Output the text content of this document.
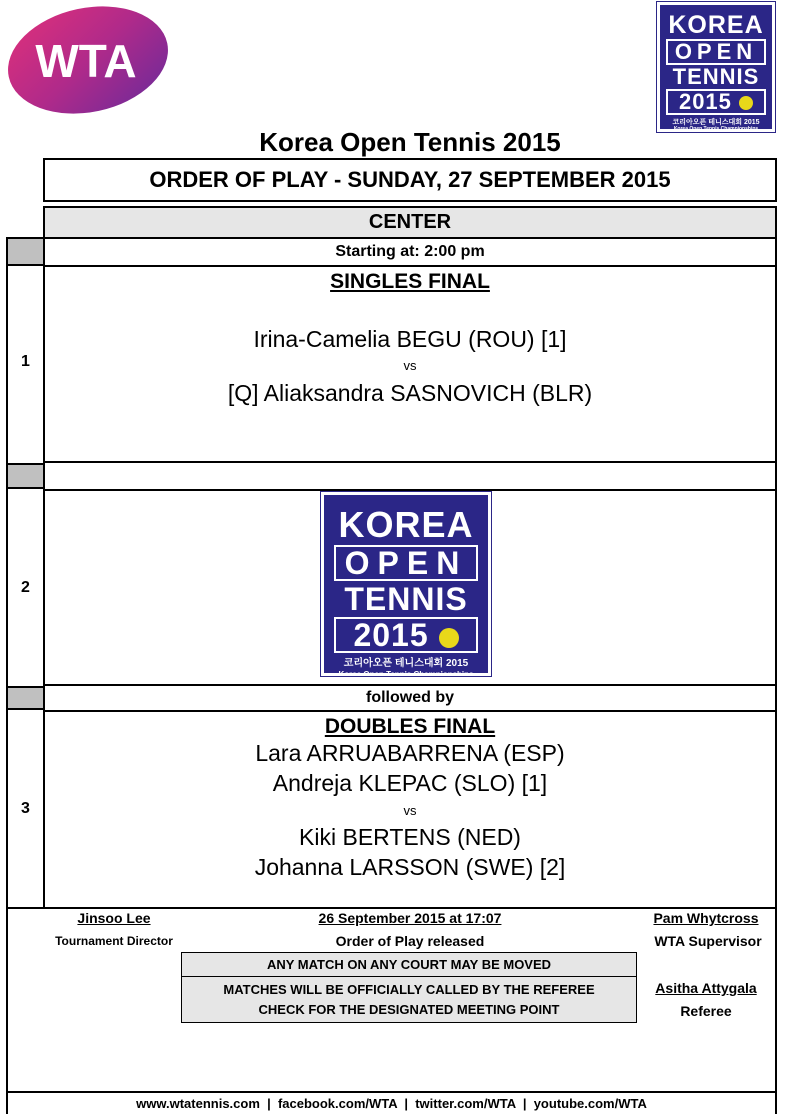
WTA
KOREA
OPEN
TENNIS
2015
코리아오픈 테니스대회 2015
Korea Open Tennis Championships
Korea Open Tennis 2015
ORDER OF PLAY - SUNDAY, 27 SEPTEMBER 2015
CENTER
Starting at: 2:00 pm
SINGLES FINAL
Irina-Camelia BEGU (ROU) [1]
vs
[Q] Aliaksandra SASNOVICH (BLR)
1
KOREA
OPEN
TENNIS
2015
코리아오픈 테니스대회 2015
Korea Open Tennis Championships
2
followed by
DOUBLES FINAL
Lara ARRUABARRENA (ESP)
Andreja KLEPAC (SLO) [1]
vs
Kiki BERTENS (NED)
Johanna LARSSON (SWE) [2]
3
Jinsoo Lee
Tournament Director
26 September 2015 at 17:07
Order of Play released
Pam Whytcross
WTA Supervisor
ANY MATCH ON ANY COURT MAY BE MOVED
MATCHES WILL BE OFFICIALLY CALLED BY THE REFEREE
CHECK FOR THE DESIGNATED MEETING POINT
Asitha Attygala
Referee
www.wtatennis.com  |  facebook.com/WTA  |  twitter.com/WTA  |  youtube.com/WTA
